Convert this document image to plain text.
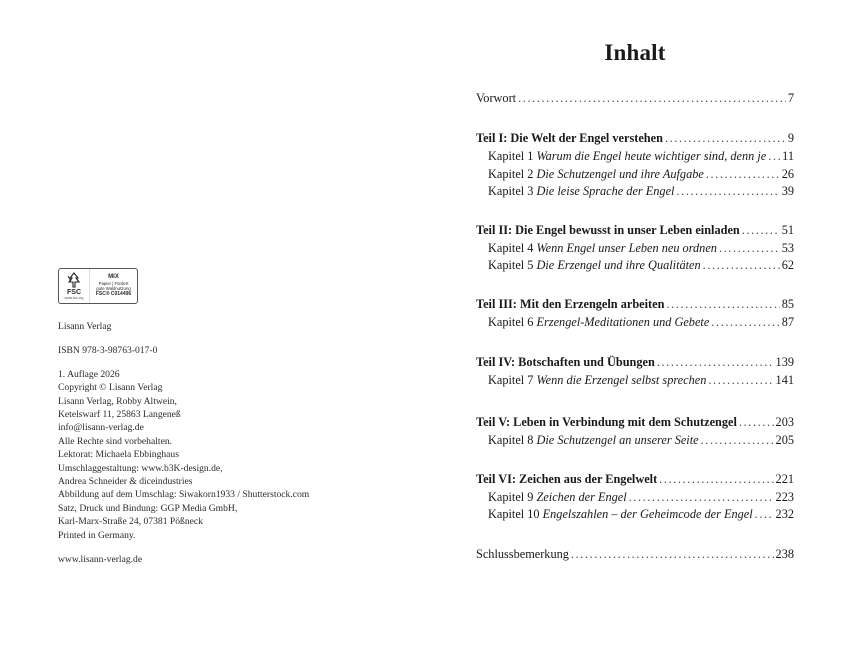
FSC
www.fsc.org
MIX
Papier | Fördert
gute Waldnutzung
FSC® C014496
Lisann Verlag
ISBN 978-3-98763-017-0
1. Auflage 2026
Copyright © Lisann Verlag
Lisann Verlag, Robby Altwein,
Ketelswarf 11, 25863 Langeneß
info@lisann-verlag.de
Alle Rechte sind vorbehalten.
Lektorat: Michaela Ebbinghaus
Umschlaggestaltung: www.b3K-design.de,
Andrea Schneider & diceindustries
Abbildung auf dem Umschlag: Siwakorn1933 / Shutterstock.com
Satz, Druck und Bindung: GGP Media GmbH,
Karl-Marx-Straße 24, 07381 Pößneck
Printed in Germany.
www.lisann-verlag.de
Inhalt
Vorwort .....	7
Teil I: Die Welt der Engel verstehen .....	9
Kapitel 1 Warum die Engel heute wichtiger sind, denn je ..... 11
Kapitel 2 Die Schutzengel und ihre Aufgabe .....	26
Kapitel 3 Die leise Sprache der Engel .....	39
Teil II: Die Engel bewusst in unser Leben einladen .....	51
Kapitel 4 Wenn Engel unser Leben neu ordnen .....	53
Kapitel 5 Die Erzengel und ihre Qualitäten .....	62
Teil III: Mit den Erzengeln arbeiten .....	85
Kapitel 6 Erzengel-Meditationen und Gebete .....	87
Teil IV: Botschaften und Übungen .....	139
Kapitel 7 Wenn die Erzengel selbst sprechen .....	141
Teil V: Leben in Verbindung mit dem Schutzengel .....	203
Kapitel 8 Die Schutzengel an unserer Seite .....	205
Teil VI: Zeichen aus der Engelwelt .....	221
Kapitel 9 Zeichen der Engel .....	223
Kapitel 10 Engelszahlen – der Geheimcode der Engel ..... 232
Schlussbemerkung .....	238
